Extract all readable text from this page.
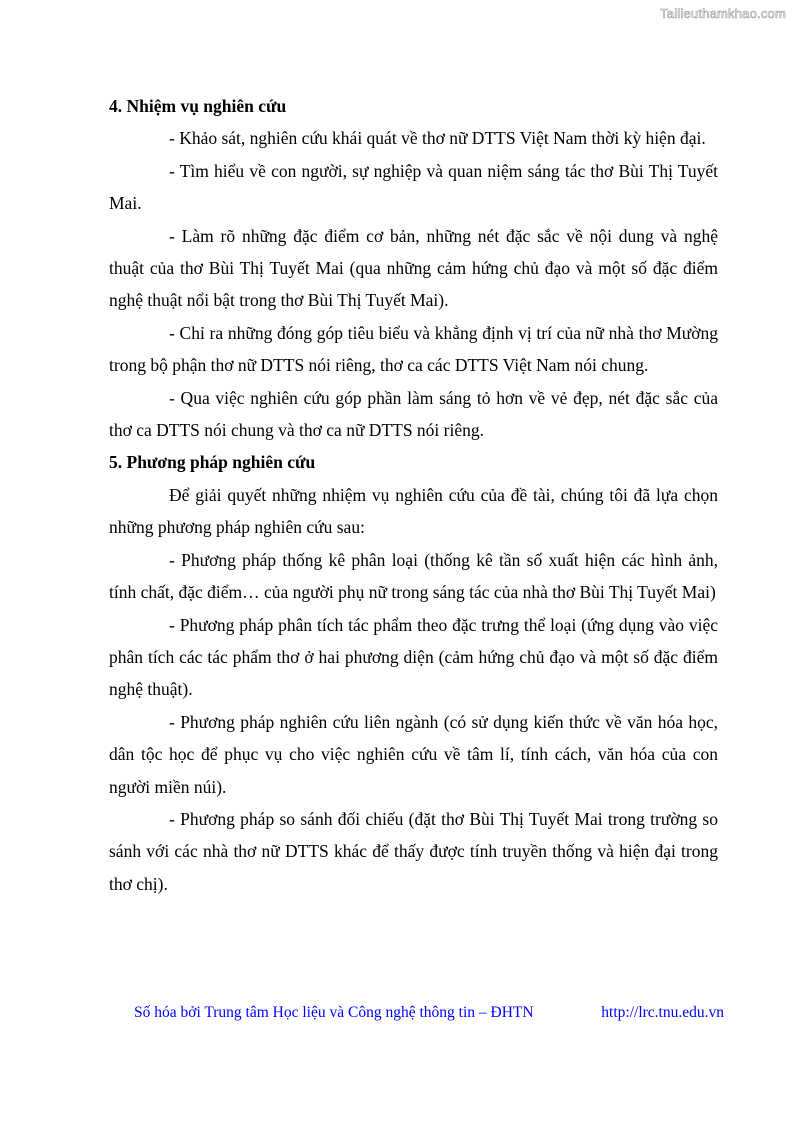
Tailieuthamkhao.com
4. Nhiệm vụ nghiên cứu

- Khảo sát, nghiên cứu khái quát về thơ nữ DTTS Việt Nam thời kỳ hiện đại.

- Tìm hiểu về con người, sự nghiệp và quan niệm sáng tác thơ Bùi Thị Tuyết Mai.

- Làm rõ những đặc điểm cơ bản, những nét đặc sắc về nội dung và nghệ thuật của thơ Bùi Thị Tuyết Mai (qua những cảm hứng chủ đạo và một số đặc điểm nghệ thuật nổi bật trong thơ Bùi Thị Tuyết Mai).

- Chỉ ra những đóng góp tiêu biểu và khẳng định vị trí của nữ nhà thơ Mường trong bộ phận thơ nữ DTTS nói riêng, thơ ca các DTTS Việt Nam nói chung.

- Qua việc nghiên cứu góp phần làm sáng tỏ hơn về vẻ đẹp, nét đặc sắc của thơ ca DTTS nói chung và thơ ca nữ DTTS nói riêng.

5. Phương pháp nghiên cứu

Để giải quyết những nhiệm vụ nghiên cứu của đề tài, chúng tôi đã lựa chọn những phương pháp nghiên cứu sau:

- Phương pháp thống kê phân loại (thống kê tần số xuất hiện các hình ảnh, tính chất, đặc điểm… của người phụ nữ trong sáng tác của nhà thơ Bùi Thị Tuyết Mai)

- Phương pháp phân tích tác phẩm theo đặc trưng thể loại (ứng dụng vào việc phân tích các tác phẩm thơ ở hai phương diện (cảm hứng chủ đạo và một số đặc điểm nghệ thuật).

- Phương pháp nghiên cứu liên ngành (có sử dụng kiến thức về văn hóa học, dân tộc học để phục vụ cho việc nghiên cứu về tâm lí, tính cách, văn hóa của con người miền núi).

- Phương pháp so sánh đối chiếu (đặt thơ Bùi Thị Tuyết Mai trong trường so sánh với các nhà thơ nữ DTTS khác để thấy được tính truyền thống và hiện đại trong thơ chị).

Số hóa bởi Trung tâm Học liệu và Công nghệ thông tin – ĐHTN	http://lrc.tnu.edu.vn
